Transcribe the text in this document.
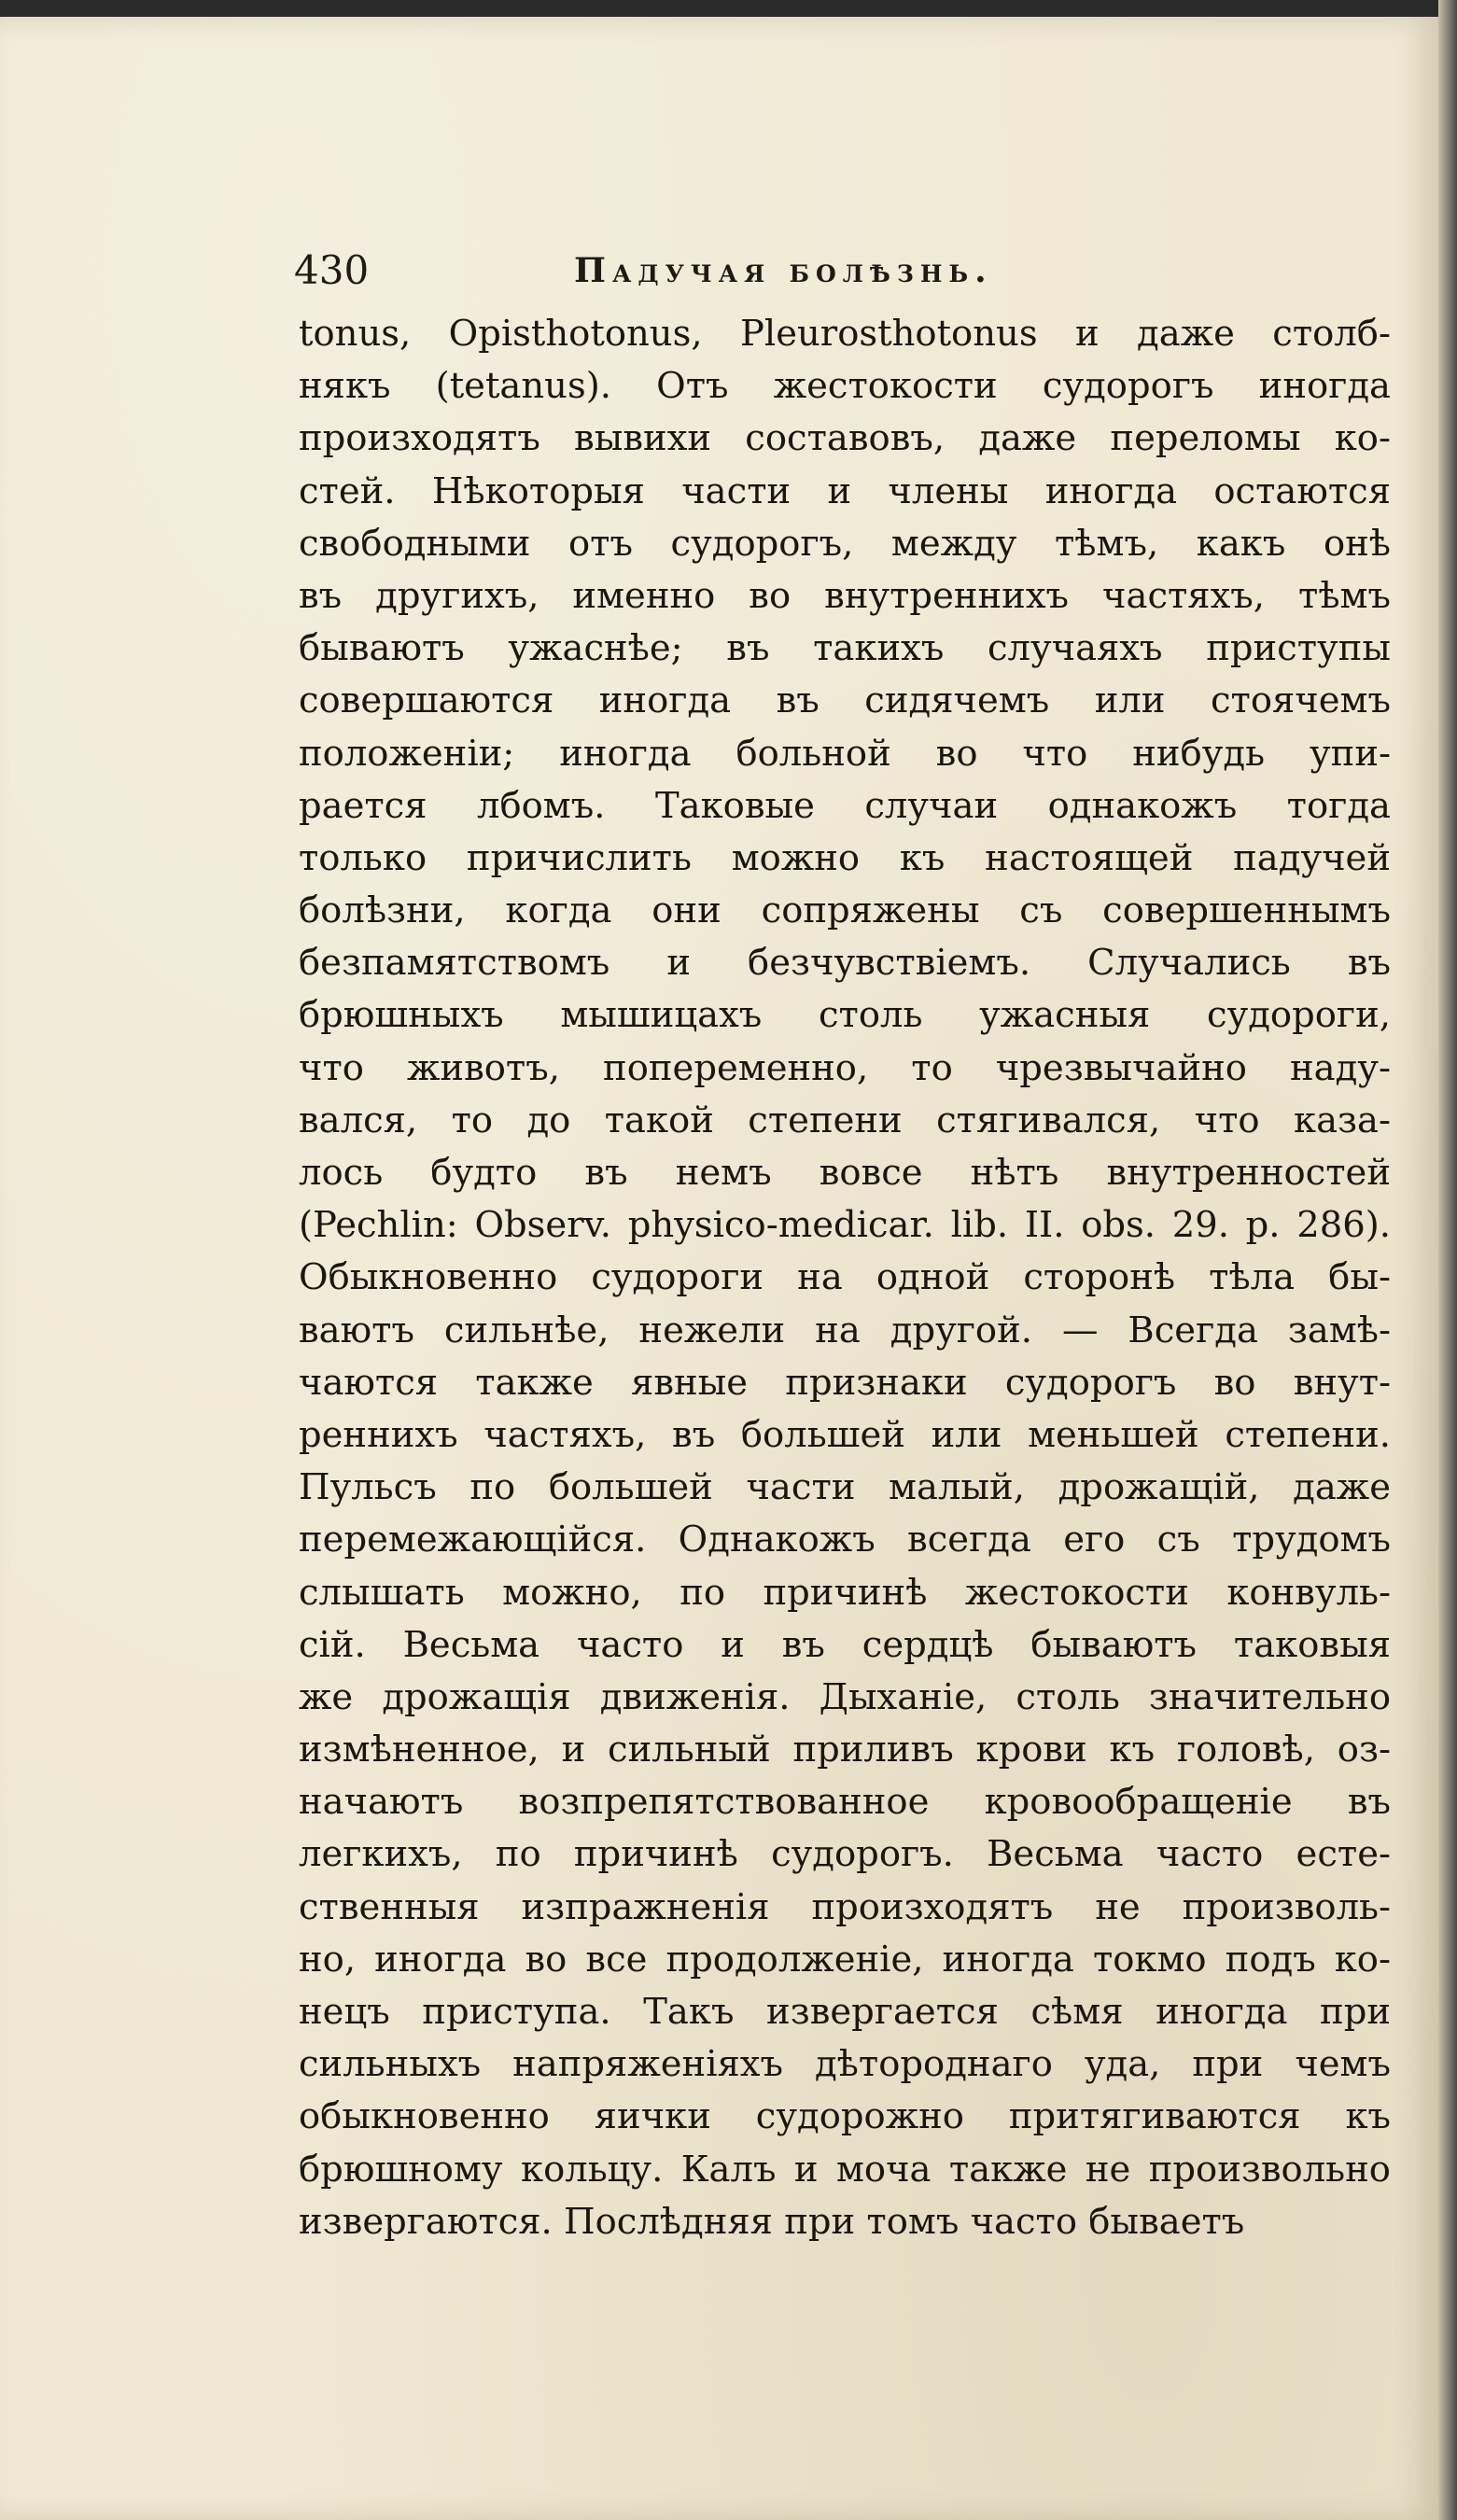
430	Падучая болѣзнь.
tonus, Opisthotonus, Pleurosthotonus и даже столб-
някъ (tetanus). Отъ жестокости судорогъ иногда
произходятъ вывихи составовъ, даже переломы ко-
стей. Нѣкоторыя части и члены иногда остаются
свободными отъ судорогъ, между тѣмъ, какъ онѣ
въ другихъ, именно во внутреннихъ частяхъ, тѣмъ
бываютъ ужаснѣе; въ такихъ случаяхъ приступы
совершаются иногда въ сидячемъ или стоячемъ
положеніи; иногда больной во что нибудь упи-
рается лбомъ. Таковые случаи однакожъ тогда
только причислить можно къ настоящей падучей
болѣзни, когда они сопряжены съ совершеннымъ
безпамятствомъ и безчувствіемъ. Случались въ
брюшныхъ мышицахъ столь ужасныя судороги,
что животъ, попеременно, то чрезвычайно наду-
вался, то до такой степени стягивался, что каза-
лось будто въ немъ вовсе нѣтъ внутренностей
(Pechlin: Observ. physico-medicar. lib. II. obs. 29. p. 286).
Обыкновенно судороги на одной сторонѣ тѣла бы-
ваютъ сильнѣе, нежели на другой. — Всегда замѣ-
чаются также явные признаки судорогъ во внут-
реннихъ частяхъ, въ большей или меньшей степени.
Пульсъ по большей части малый, дрожащій, даже
перемежающійся. Однакожъ всегда его съ трудомъ
слышать можно, по причинѣ жестокости конвуль-
сій. Весьма часто и въ сердцѣ бываютъ таковыя
же дрожащія движенія. Дыханіе, столь значительно
измѣненное, и сильный приливъ крови къ головѣ, оз-
начаютъ возпрепятствованное кровообращеніе въ
легкихъ, по причинѣ судорогъ. Весьма часто есте-
ственныя изпражненія произходятъ не произволь-
но, иногда во все продолженіе, иногда токмо подъ ко-
нецъ приступа. Такъ извергается сѣмя иногда при
сильныхъ напряженіяхъ дѣтороднаго уда, при чемъ
обыкновенно яички судорожно притягиваются къ
брюшному кольцу. Калъ и моча также не произвольно
извергаются. Послѣдняя при томъ часто бываетъ
